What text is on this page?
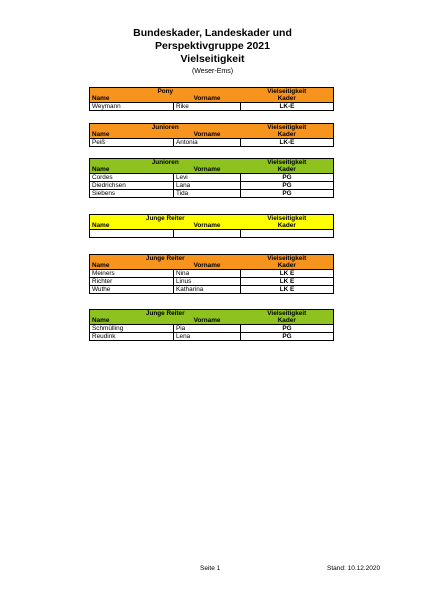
Bundeskader, Landeskader und
Perspektivgruppe 2021
Vielseitigkeit
(Weser-Ems)
Pony		Vielseitigkeit
Name	Vorname	Kader
Weymann	Rike	LK-E
Junioren		Vielseitigkeit
Name	Vorname	Kader
Peiß	Antonia	LK-E
Junioren		Vielseitigkeit
Name	Vorname	Kader
Cordes	Levi	PG
Diedrichsen	Lana	PG
Siebens	Tida	PG
Junge Reiter		Vielseitigkeit
Name	Vorname	Kader

Junge Reiter		Vielseitigkeit
Name	Vorname	Kader
Meiners	Nina	LK E
Richter	Linus	LK E
Wuthe	Katharina	LK E
Junge Reiter		Vielseitigkeit
Name	Vorname	Kader
Schmülling	Pia	PG
Reudink	Lena	PG
Seite 1	Stand: 10.12.2020
